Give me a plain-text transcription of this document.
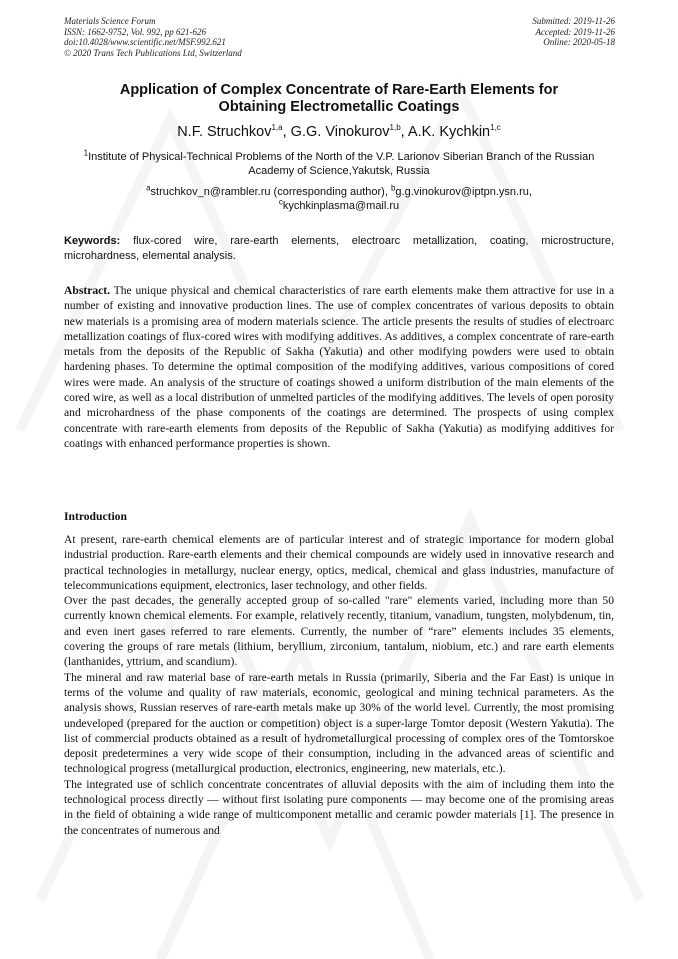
Materials Science Forum
ISSN: 1662-9752, Vol. 992, pp 621-626
doi:10.4028/www.scientific.net/MSF.992.621
© 2020 Trans Tech Publications Ltd, Switzerland
Submitted: 2019-11-26
Accepted: 2019-11-26
Online: 2020-05-18
Application of Complex Concentrate of Rare-Earth Elements for
Obtaining Electrometallic Coatings
N.F. Struchkov$^{1,a}$, G.G. Vinokurov$^{1,b}$, A.K. Kychkin$^{1,c}$
$^1$Institute of Physical-Technical Problems of the North of the V.P. Larionov Siberian Branch of the Russian Academy of Science,Yakutsk, Russia
$^a$struchkov_n@rambler.ru (corresponding author), $^b$g.g.vinokurov@iptpn.ysn.ru,
$^c$kychkinplasma@mail.ru
Keywords: flux-cored wire, rare-earth elements, electroarc metallization, coating, microstructure, microhardness, elemental analysis.
Abstract. The unique physical and chemical characteristics of rare earth elements make them attractive for use in a number of existing and innovative production lines. The use of complex concentrates of various deposits to obtain new materials is a promising area of modern materials science. The article presents the results of studies of electroarc metallization coatings of flux-cored wires with modifying additives. As additives, a complex concentrate of rare-earth metals from the deposits of the Republic of Sakha (Yakutia) and other modifying powders were used to obtain hardening phases. To determine the optimal composition of the modifying additives, various compositions of cored wires were made. An analysis of the structure of coatings showed a uniform distribution of the main elements of the cored wire, as well as a local distribution of unmelted particles of the modifying additives. The levels of open porosity and microhardness of the phase components of the coatings are determined. The prospects of using complex concentrate with rare-earth elements from deposits of the Republic of Sakha (Yakutia) as modifying additives for coatings with enhanced performance properties is shown.
Introduction

At present, rare-earth chemical elements are of particular interest and of strategic importance for modern global industrial production. Rare-earth elements and their chemical compounds are widely used in innovative research and practical technologies in metallurgy, nuclear energy, optics, medical, chemical and glass industries, manufacture of telecommunications equipment, electronics, laser technology, and other fields.

Over the past decades, the generally accepted group of so-called "rare" elements varied, including more than 50 currently known chemical elements. For example, relatively recently, titanium, vanadium, tungsten, molybdenum, tin, and even inert gases referred to rare elements. Currently, the number of “rare” elements includes 35 elements, covering the groups of rare metals (lithium, beryllium, zirconium, tantalum, niobium, etc.) and rare earth elements (lanthanides, yttrium, and scandium).

The mineral and raw material base of rare-earth metals in Russia (primarily, Siberia and the Far East) is unique in terms of the volume and quality of raw materials, economic, geological and mining technical parameters. As the analysis shows, Russian reserves of rare-earth metals make up 30% of the world level. Currently, the most promising undeveloped (prepared for the auction or competition) object is a super-large Tomtor deposit (Western Yakutia). The list of commercial products obtained as a result of hydrometallurgical processing of complex ores of the Tomtorskoe deposit predetermines a very wide scope of their consumption, including in the advanced areas of scientific and technological progress (metallurgical production, electronics, engineering, new materials, etc.).

The integrated use of schlich concentrate concentrates of alluvial deposits with the aim of including them into the technological process directly — without first isolating pure components — may become one of the promising areas in the field of obtaining a wide range of multicomponent metallic and ceramic powder materials [1]. The presence in the concentrates of numerous and
